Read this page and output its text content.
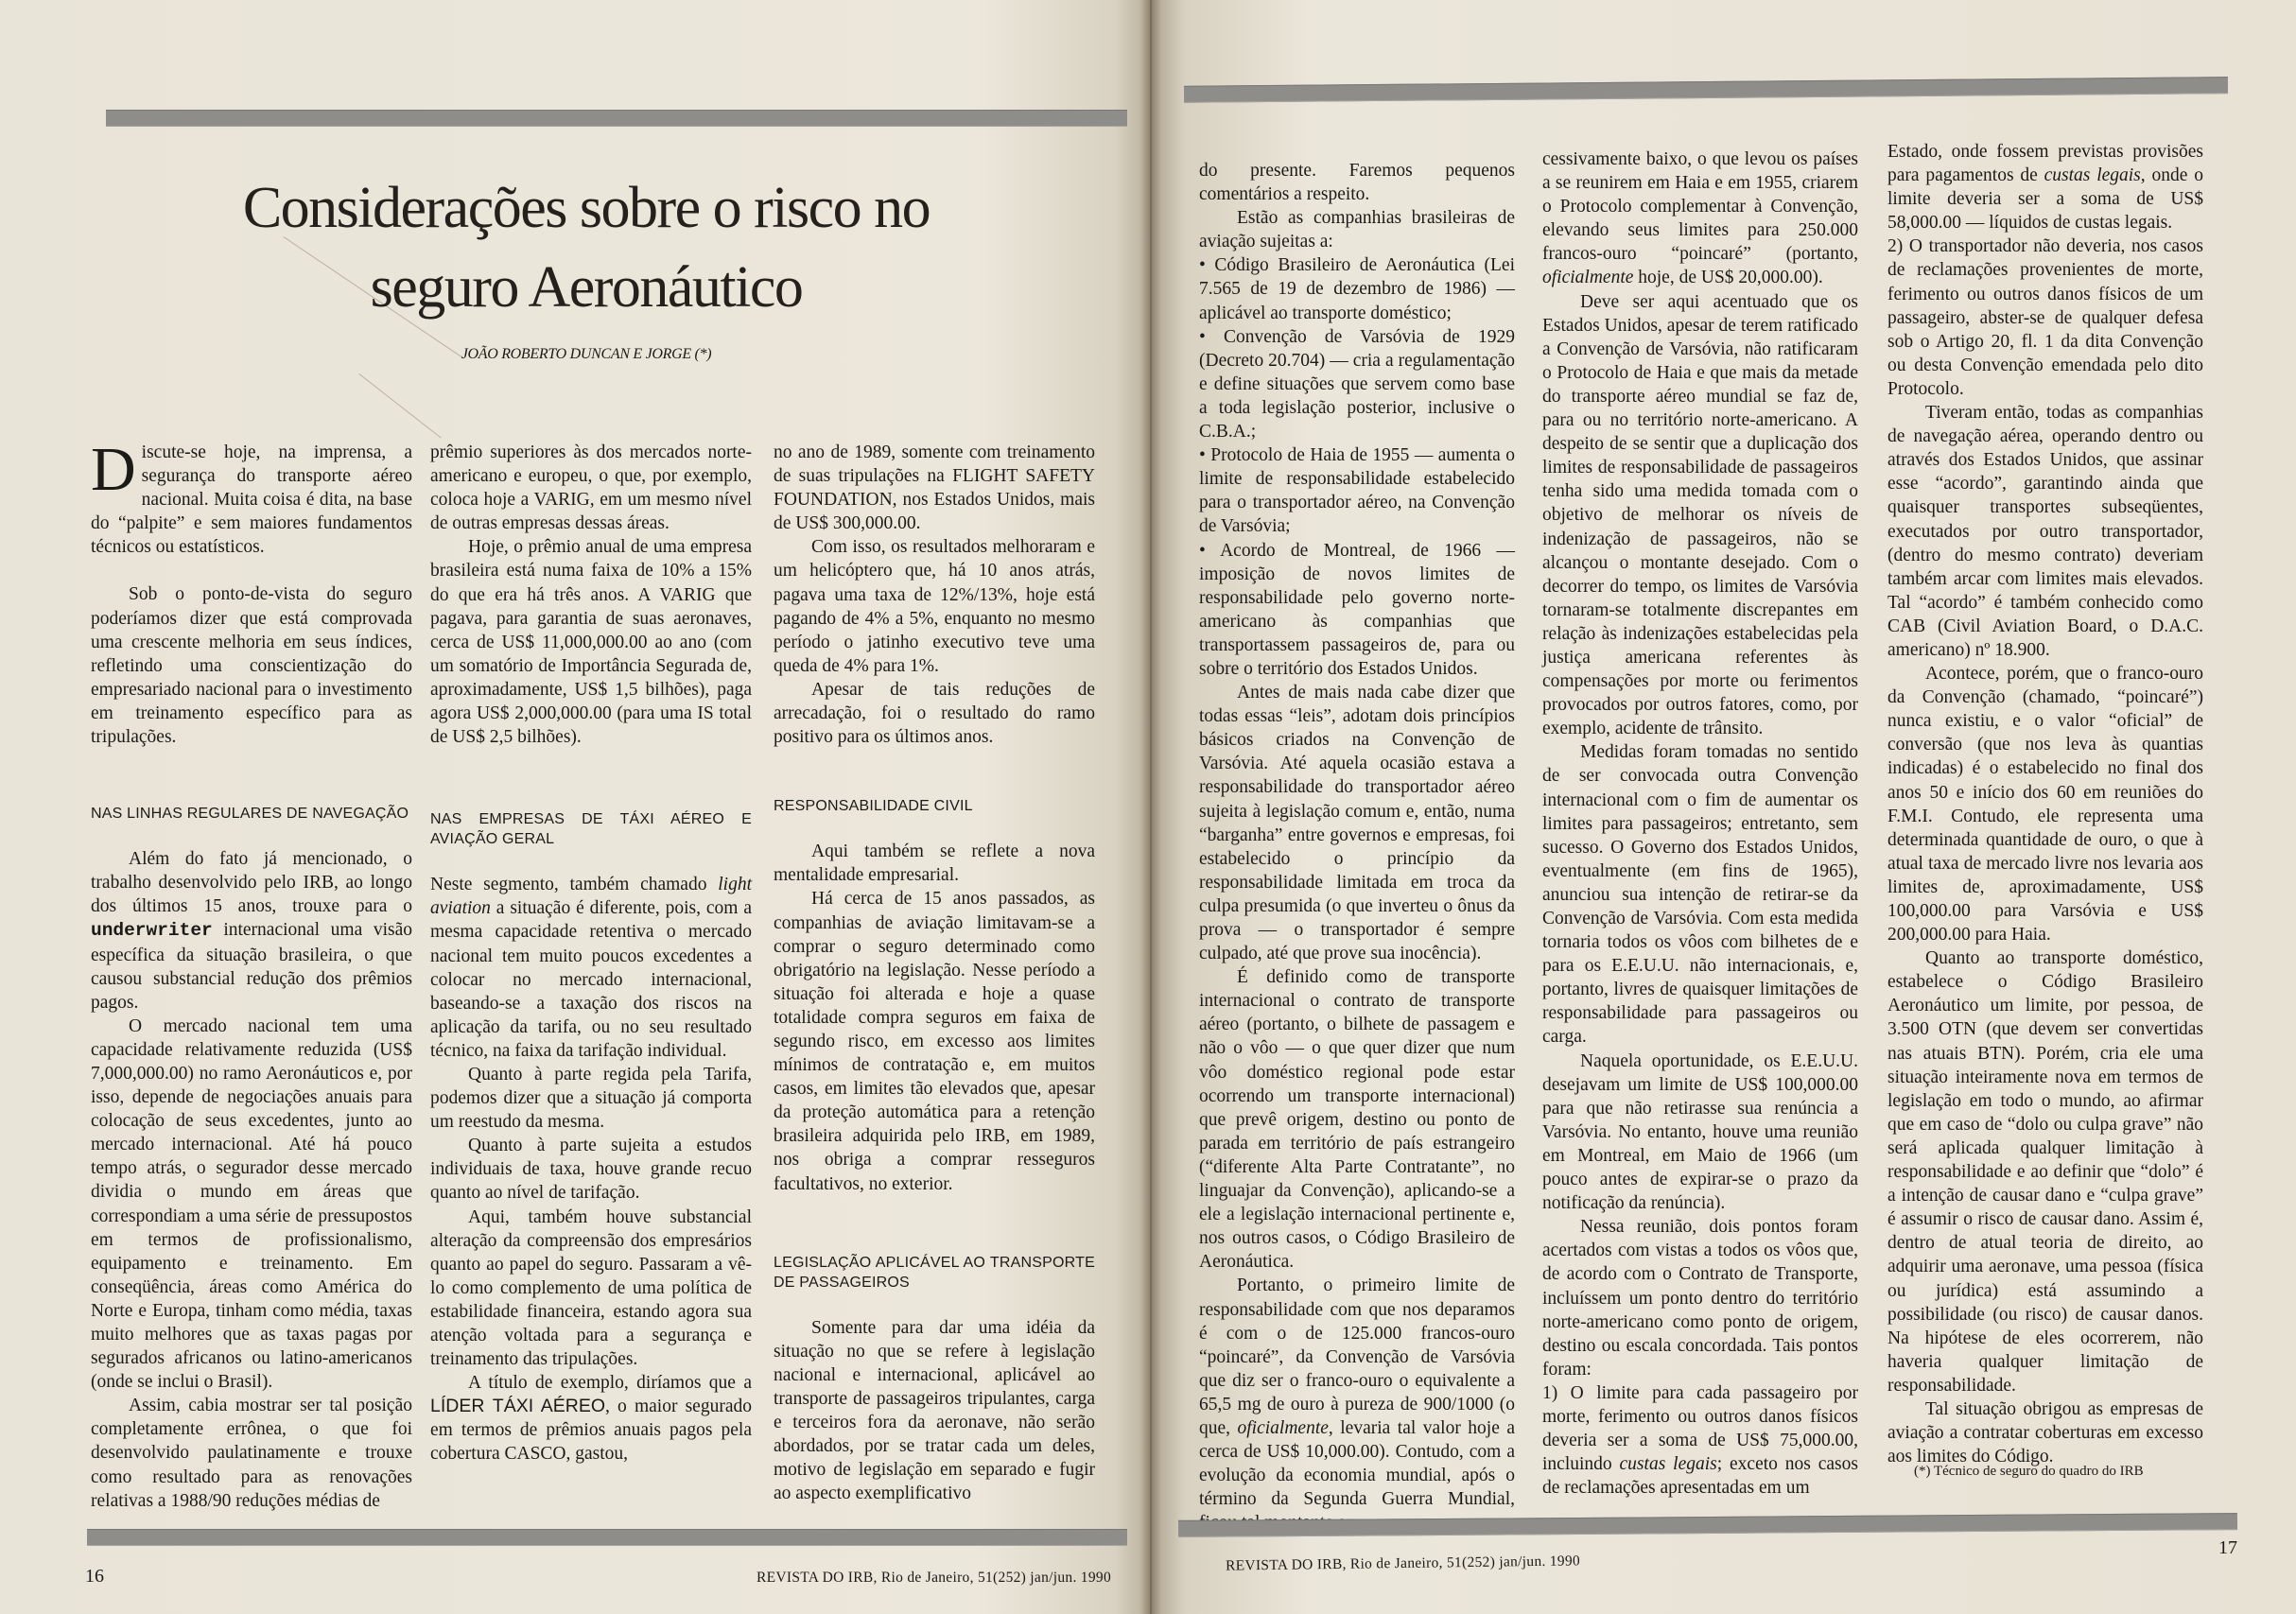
Considerações sobre o risco no
seguro Aeronáutico
JOÃO ROBERTO DUNCAN E JORGE (*)

Discute-se hoje, na imprensa, a segurança do transporte aéreo nacional. Muita coisa é dita, na base do “palpite” e sem maiores fundamentos técnicos ou estatísticos.

Sob o ponto-de-vista do seguro poderíamos dizer que está comprovada uma crescente melhoria em seus índices, refletindo uma conscientização do empresariado nacional para o investimento em treinamento específico para as tripulações.

NAS LINHAS REGULARES DE NAVEGAÇÃO

Além do fato já mencionado, o trabalho desenvolvido pelo IRB, ao longo dos últimos 15 anos, trouxe para o underwriter internacional uma visão específica da situação brasileira, o que causou substancial redução dos prêmios pagos.

O mercado nacional tem uma capacidade relativamente reduzida (US$ 7,000,000.00) no ramo Aeronáuticos e, por isso, depende de negociações anuais para colocação de seus excedentes, junto ao mercado internacional. Até há pouco tempo atrás, o segurador desse mercado dividia o mundo em áreas que correspondiam a uma série de pressupostos em termos de profissionalismo, equipamento e treinamento. Em conseqüência, áreas como América do Norte e Europa, tinham como média, taxas muito melhores que as taxas pagas por segurados africanos ou latino-americanos (onde se inclui o Brasil).

Assim, cabia mostrar ser tal posição completamente errônea, o que foi desenvolvido paulatinamente e trouxe como resultado para as renovações relativas a 1988/90 reduções médias de

prêmio superiores às dos mercados norte-americano e europeu, o que, por exemplo, coloca hoje a VARIG, em um mesmo nível de outras empresas dessas áreas.

Hoje, o prêmio anual de uma empresa brasileira está numa faixa de 10% a 15% do que era há três anos. A VARIG que pagava, para garantia de suas aeronaves, cerca de US$ 11,000,000.00 ao ano (com um somatório de Importância Segurada de, aproximadamente, US$ 1,5 bilhões), paga agora US$ 2,000,000.00 (para uma IS total de US$ 2,5 bilhões).

NAS EMPRESAS DE TÁXI AÉREO E AVIAÇÃO GERAL

Neste segmento, também chamado light aviation a situação é diferente, pois, com a mesma capacidade retentiva o mercado nacional tem muito poucos excedentes a colocar no mercado internacional, baseando-se a taxação dos riscos na aplicação da tarifa, ou no seu resultado técnico, na faixa da tarifação individual.

Quanto à parte regida pela Tarifa, podemos dizer que a situação já comporta um reestudo da mesma.

Quanto à parte sujeita a estudos individuais de taxa, houve grande recuo quanto ao nível de tarifação.

Aqui, também houve substancial alteração da compreensão dos empresários quanto ao papel do seguro. Passaram a vê-lo como complemento de uma política de estabilidade financeira, estando agora sua atenção voltada para a segurança e treinamento das tripulações.

A título de exemplo, diríamos que a LÍDER TÁXI AÉREO, o maior segurado em termos de prêmios anuais pagos pela cobertura CASCO, gastou,

no ano de 1989, somente com treinamento de suas tripulações na FLIGHT SAFETY FOUNDATION, nos Estados Unidos, mais de US$ 300,000.00.

Com isso, os resultados melhoraram e um helicóptero que, há 10 anos atrás, pagava uma taxa de 12%/13%, hoje está pagando de 4% a 5%, enquanto no mesmo período o jatinho executivo teve uma queda de 4% para 1%.

Apesar de tais reduções de arrecadação, foi o resultado do ramo positivo para os últimos anos.

RESPONSABILIDADE CIVIL

Aqui também se reflete a nova mentalidade empresarial.

Há cerca de 15 anos passados, as companhias de aviação limitavam-se a comprar o seguro determinado como obrigatório na legislação. Nesse período a situação foi alterada e hoje a quase totalidade compra seguros em faixa de segundo risco, em excesso aos limites mínimos de contratação e, em muitos casos, em limites tão elevados que, apesar da proteção automática para a retenção brasileira adquirida pelo IRB, em 1989, nos obriga a comprar resseguros facultativos, no exterior.

LEGISLAÇÃO APLICÁVEL AO TRANSPORTE DE PASSAGEIROS

Somente para dar uma idéia da situação no que se refere à legislação nacional e internacional, aplicável ao transporte de passageiros tripulantes, carga e terceiros fora da aeronave, não serão abordados, por se tratar cada um deles, motivo de legislação em separado e fugir ao aspecto exemplificativo

16	REVISTA DO IRB, Rio de Janeiro, 51(252) jan/jun. 1990

do presente. Faremos pequenos comentários a respeito.

Estão as companhias brasileiras de aviação sujeitas a:

• Código Brasileiro de Aeronáutica (Lei 7.565 de 19 de dezembro de 1986) — aplicável ao transporte doméstico;

• Convenção de Varsóvia de 1929 (Decreto 20.704) — cria a regulamentação e define situações que servem como base a toda legislação posterior, inclusive o C.B.A.;

• Protocolo de Haia de 1955 — aumenta o limite de responsabilidade estabelecido para o transportador aéreo, na Convenção de Varsóvia;

• Acordo de Montreal, de 1966 — imposição de novos limites de responsabilidade pelo governo norte-americano às companhias que transportassem passageiros de, para ou sobre o território dos Estados Unidos.

Antes de mais nada cabe dizer que todas essas “leis”, adotam dois princípios básicos criados na Convenção de Varsóvia. Até aquela ocasião estava a responsabilidade do transportador aéreo sujeita à legislação comum e, então, numa “barganha” entre governos e empresas, foi estabelecido o princípio da responsabilidade limitada em troca da culpa presumida (o que inverteu o ônus da prova — o transportador é sempre culpado, até que prove sua inocência).

É definido como de transporte internacional o contrato de transporte aéreo (portanto, o bilhete de passagem e não o vôo — o que quer dizer que num vôo doméstico regional pode estar ocorrendo um transporte internacional) que prevê origem, destino ou ponto de parada em território de país estrangeiro (“diferente Alta Parte Contratante”, no linguajar da Convenção), aplicando-se a ele a legislação internacional pertinente e, nos outros casos, o Código Brasileiro de Aeronáutica.

Portanto, o primeiro limite de responsabilidade com que nos deparamos é com o de 125.000 francos-ouro “poincaré”, da Convenção de Varsóvia que diz ser o franco-ouro o equivalente a 65,5 mg de ouro à pureza de 900/1000 (o que, oficialmente, levaria tal valor hoje a cerca de US$ 10,000.00). Contudo, com a evolução da economia mundial, após o término da Segunda Guerra Mundial,

cessivamente baixo, o que levou os países a se reunirem em Haia e em 1955, criarem o Protocolo complementar à Convenção, elevando seus limites para 250.000 francos-ouro “poincaré” (portanto, oficialmente hoje, de US$ 20,000.00).

Deve ser aqui acentuado que os Estados Unidos, apesar de terem ratificado a Convenção de Varsóvia, não ratificaram o Protocolo de Haia e que mais da metade do transporte aéreo mundial se faz de, para ou no território norte-americano. A despeito de se sentir que a duplicação dos limites de responsabilidade de passageiros tenha sido uma medida tomada com o objetivo de melhorar os níveis de indenização de passageiros, não se alcançou o montante desejado. Com o decorrer do tempo, os limites de Varsóvia tornaram-se totalmente discrepantes em relação às indenizações estabelecidas pela justiça americana referentes às compensações por morte ou ferimentos provocados por outros fatores, como, por exemplo, acidente de trânsito.

Medidas foram tomadas no sentido de ser convocada outra Convenção internacional com o fim de aumentar os limites para passageiros; entretanto, sem sucesso. O Governo dos Estados Unidos, eventualmente (em fins de 1965), anunciou sua intenção de retirar-se da Convenção de Varsóvia. Com esta medida tornaria todos os vôos com bilhetes de e para os E.E.U.U. não internacionais, e, portanto, livres de quaisquer limitações de responsabilidade para passageiros ou carga.

Naquela oportunidade, os E.E.U.U. desejavam um limite de US$ 100,000.00 para que não retirasse sua renúncia a Varsóvia. No entanto, houve uma reunião em Montreal, em Maio de 1966 (um pouco antes de expirar-se o prazo da notificação da renúncia).

Nessa reunião, dois pontos foram acertados com vistas a todos os vôos que, de acordo com o Contrato de Transporte, incluíssem um ponto dentro do território norte-americano como ponto de origem, destino ou escala concordada. Tais pontos foram:

1) O limite para cada passageiro por morte, ferimento ou outros danos físicos deveria ser a soma de US$ 75,000.00, incluindo custas legais; exceto nos casos de reclamações apresentadas em um

Estado, onde fossem previstas provisões para pagamentos de custas legais, onde o limite deveria ser a soma de US$ 58,000.00 — líquidos de custas legais.

2) O transportador não deveria, nos casos de reclamações provenientes de morte, ferimento ou outros danos físicos de um passageiro, abster-se de qualquer defesa sob o Artigo 20, fl. 1 da dita Convenção ou desta Convenção emendada pelo dito Protocolo.

Tiveram então, todas as companhias de navegação aérea, operando dentro ou através dos Estados Unidos, que assinar esse “acordo”, garantindo ainda que quaisquer transportes subseqüentes, executados por outro transportador, (dentro do mesmo contrato) deveriam também arcar com limites mais elevados. Tal “acordo” é também conhecido como CAB (Civil Aviation Board, o D.A.C. americano) nº 18.900.

Acontece, porém, que o franco-ouro da Convenção (chamado, “poincaré”) nunca existiu, e o valor “oficial” de conversão (que nos leva às quantias indicadas) é o estabelecido no final dos anos 50 e início dos 60 em reuniões do F.M.I. Contudo, ele representa uma determinada quantidade de ouro, o que à atual taxa de mercado livre nos levaria aos limites de, aproximadamente, US$ 100,000.00 para Varsóvia e US$ 200,000.00 para Haia.

Quanto ao transporte doméstico, estabelece o Código Brasileiro Aeronáutico um limite, por pessoa, de 3.500 OTN (que devem ser convertidas nas atuais BTN). Porém, cria ele uma situação inteiramente nova em termos de legislação em todo o mundo, ao afirmar que em caso de “dolo ou culpa grave” não será aplicada qualquer limitação à responsabilidade e ao definir que “dolo” é a intenção de causar dano e “culpa grave” é assumir o risco de causar dano. Assim é, dentro de atual teoria de direito, ao adquirir uma aeronave, uma pessoa (física ou jurídica) está assumindo a possibilidade (ou risco) de causar danos. Na hipótese de eles ocorrerem, não haveria qualquer limitação de responsabilidade.

Tal situação obrigou as empresas de aviação a contratar coberturas em excesso aos limites do Código.

(*) Técnico de seguro do quadro do IRB
REVISTA DO IRB, Rio de Janeiro, 51(252) jan/jun. 1990
17
